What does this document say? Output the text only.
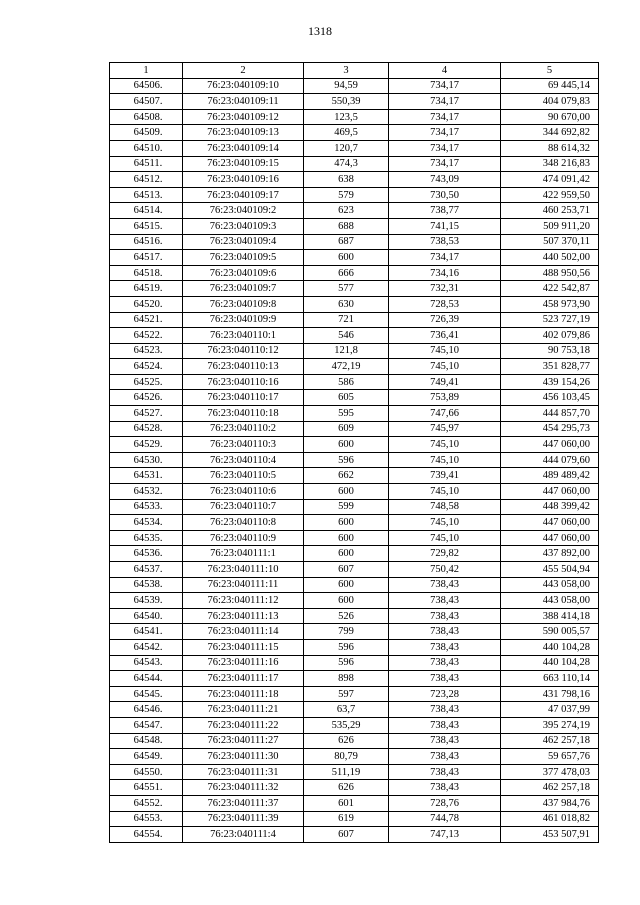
1318
1	2	3	4	5
64506.	76:23:040109:10	94,59	734,17	69 445,14
64507.	76:23:040109:11	550,39	734,17	404 079,83
64508.	76:23:040109:12	123,5	734,17	90 670,00
64509.	76:23:040109:13	469,5	734,17	344 692,82
64510.	76:23:040109:14	120,7	734,17	88 614,32
64511.	76:23:040109:15	474,3	734,17	348 216,83
64512.	76:23:040109:16	638	743,09	474 091,42
64513.	76:23:040109:17	579	730,50	422 959,50
64514.	76:23:040109:2	623	738,77	460 253,71
64515.	76:23:040109:3	688	741,15	509 911,20
64516.	76:23:040109:4	687	738,53	507 370,11
64517.	76:23:040109:5	600	734,17	440 502,00
64518.	76:23:040109:6	666	734,16	488 950,56
64519.	76:23:040109:7	577	732,31	422 542,87
64520.	76:23:040109:8	630	728,53	458 973,90
64521.	76:23:040109:9	721	726,39	523 727,19
64522.	76:23:040110:1	546	736,41	402 079,86
64523.	76:23:040110:12	121,8	745,10	90 753,18
64524.	76:23:040110:13	472,19	745,10	351 828,77
64525.	76:23:040110:16	586	749,41	439 154,26
64526.	76:23:040110:17	605	753,89	456 103,45
64527.	76:23:040110:18	595	747,66	444 857,70
64528.	76:23:040110:2	609	745,97	454 295,73
64529.	76:23:040110:3	600	745,10	447 060,00
64530.	76:23:040110:4	596	745,10	444 079,60
64531.	76:23:040110:5	662	739,41	489 489,42
64532.	76:23:040110:6	600	745,10	447 060,00
64533.	76:23:040110:7	599	748,58	448 399,42
64534.	76:23:040110:8	600	745,10	447 060,00
64535.	76:23:040110:9	600	745,10	447 060,00
64536.	76:23:040111:1	600	729,82	437 892,00
64537.	76:23:040111:10	607	750,42	455 504,94
64538.	76:23:040111:11	600	738,43	443 058,00
64539.	76:23:040111:12	600	738,43	443 058,00
64540.	76:23:040111:13	526	738,43	388 414,18
64541.	76:23:040111:14	799	738,43	590 005,57
64542.	76:23:040111:15	596	738,43	440 104,28
64543.	76:23:040111:16	596	738,43	440 104,28
64544.	76:23:040111:17	898	738,43	663 110,14
64545.	76:23:040111:18	597	723,28	431 798,16
64546.	76:23:040111:21	63,7	738,43	47 037,99
64547.	76:23:040111:22	535,29	738,43	395 274,19
64548.	76:23:040111:27	626	738,43	462 257,18
64549.	76:23:040111:30	80,79	738,43	59 657,76
64550.	76:23:040111:31	511,19	738,43	377 478,03
64551.	76:23:040111:32	626	738,43	462 257,18
64552.	76:23:040111:37	601	728,76	437 984,76
64553.	76:23:040111:39	619	744,78	461 018,82
64554.	76:23:040111:4	607	747,13	453 507,91
